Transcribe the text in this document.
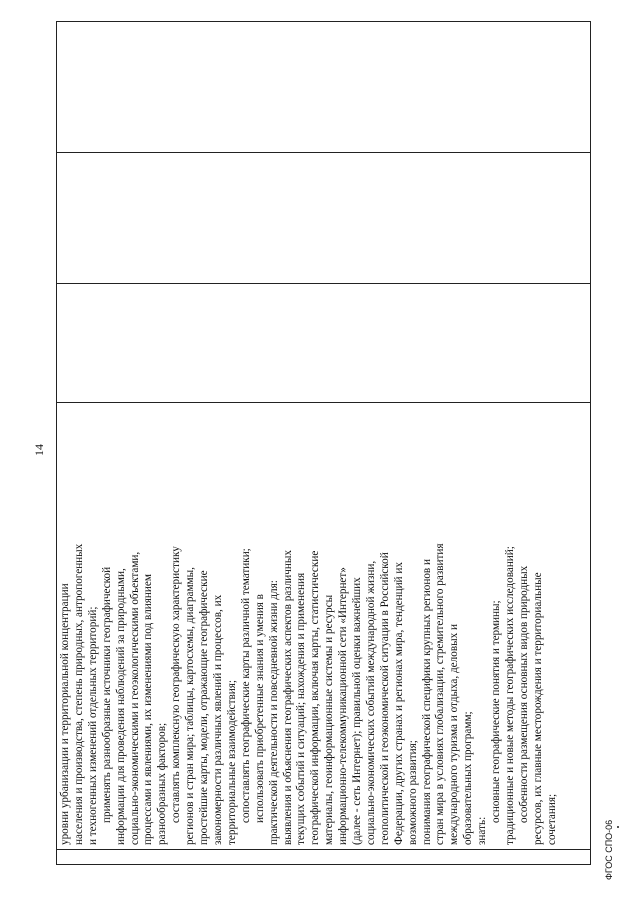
14

уровни урбанизации и территориальной концентрации населения и производства, степень природных, антропогенных и техногенных изменений отдельных территорий; применять разнообразные источники географической информации для проведения наблюдений за природными, социально-экономическими и геоэкологическими объектами, процессами и явлениями, их изменениями под влиянием разнообразных факторов; составлять комплексную географическую характеристику регионов и стран мира; таблицы, картосхемы, диаграммы, простейшие карты, модели, отражающие географические закономерности различных явлений и процессов, их территориальные взаимодействия; сопоставлять географические карты различной тематики; использовать приобретенные знания и умения в практической деятельности и повседневной жизни для: выявления и объяснения географических аспектов различных текущих событий и ситуаций; нахождения и применения географической информации, включая карты, статистические материалы, геоинформационные системы и ресурсы информационно-телекоммуникационной сети «Интернет» (далее - сеть Интернет); правильной оценки важнейших социально-экономических событий международной жизни, геополитической и геоэкономической ситуации в Российской Федерации, других странах и регионах мира, тенденций их возможного развития; понимания географической специфики крупных регионов и стран мира в условиях глобализации, стремительного развития международного туризма и отдыха, деловых и образовательных программ; знать:

основные географические понятия и термины; традиционные и новые методы географических исследований; особенности размещения основных видов природных ресурсов, их главные месторождения и территориальные сочетания;

ФГОС СПО-06
